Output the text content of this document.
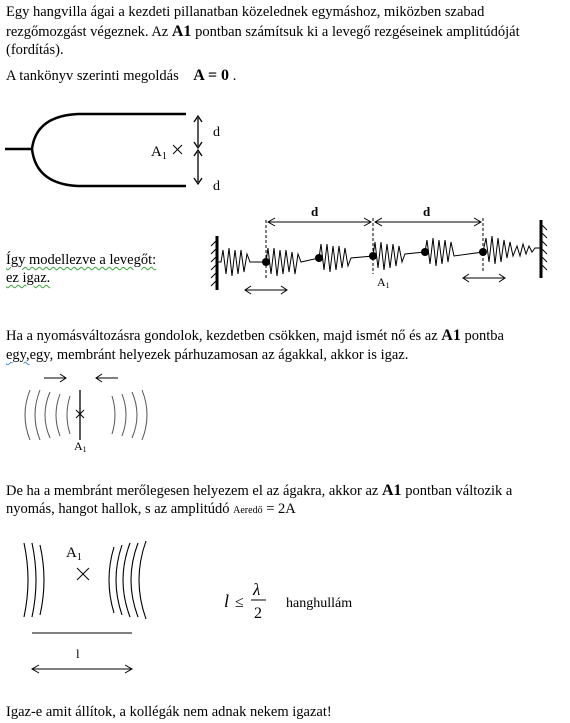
Egy hangvilla ágai a kezdeti pillanatban közelednek egymáshoz, miközben szabad
rezgőmozgást végeznek. Az A1 pontban számítsuk ki a levegő rezgéseinek amplitúdóját
(fordítás).
A tankönyv szerinti megoldás A = 0 .
$A_1$
d
d
Így modellezve a levegőt:
ez igaz.
d	d
A1
Ha a nyomásváltozásra gondolok, kezdetben csökken, majd ismét nő és az A1 pontba
egy,egy, membránt helyezek párhuzamosan az ágakkal, akkor is igaz.
A1
De ha a membránt merőlegesen helyezem el az ágakra, akkor az A1 pontban változik a
nyomás, hangot hallok, s az amplitúdó Aeredő = 2A
$A_1$
l
l ≤
λ
2
hanghullám
Igaz-e amit állítok, a kollégák nem adnak nekem igazat!
